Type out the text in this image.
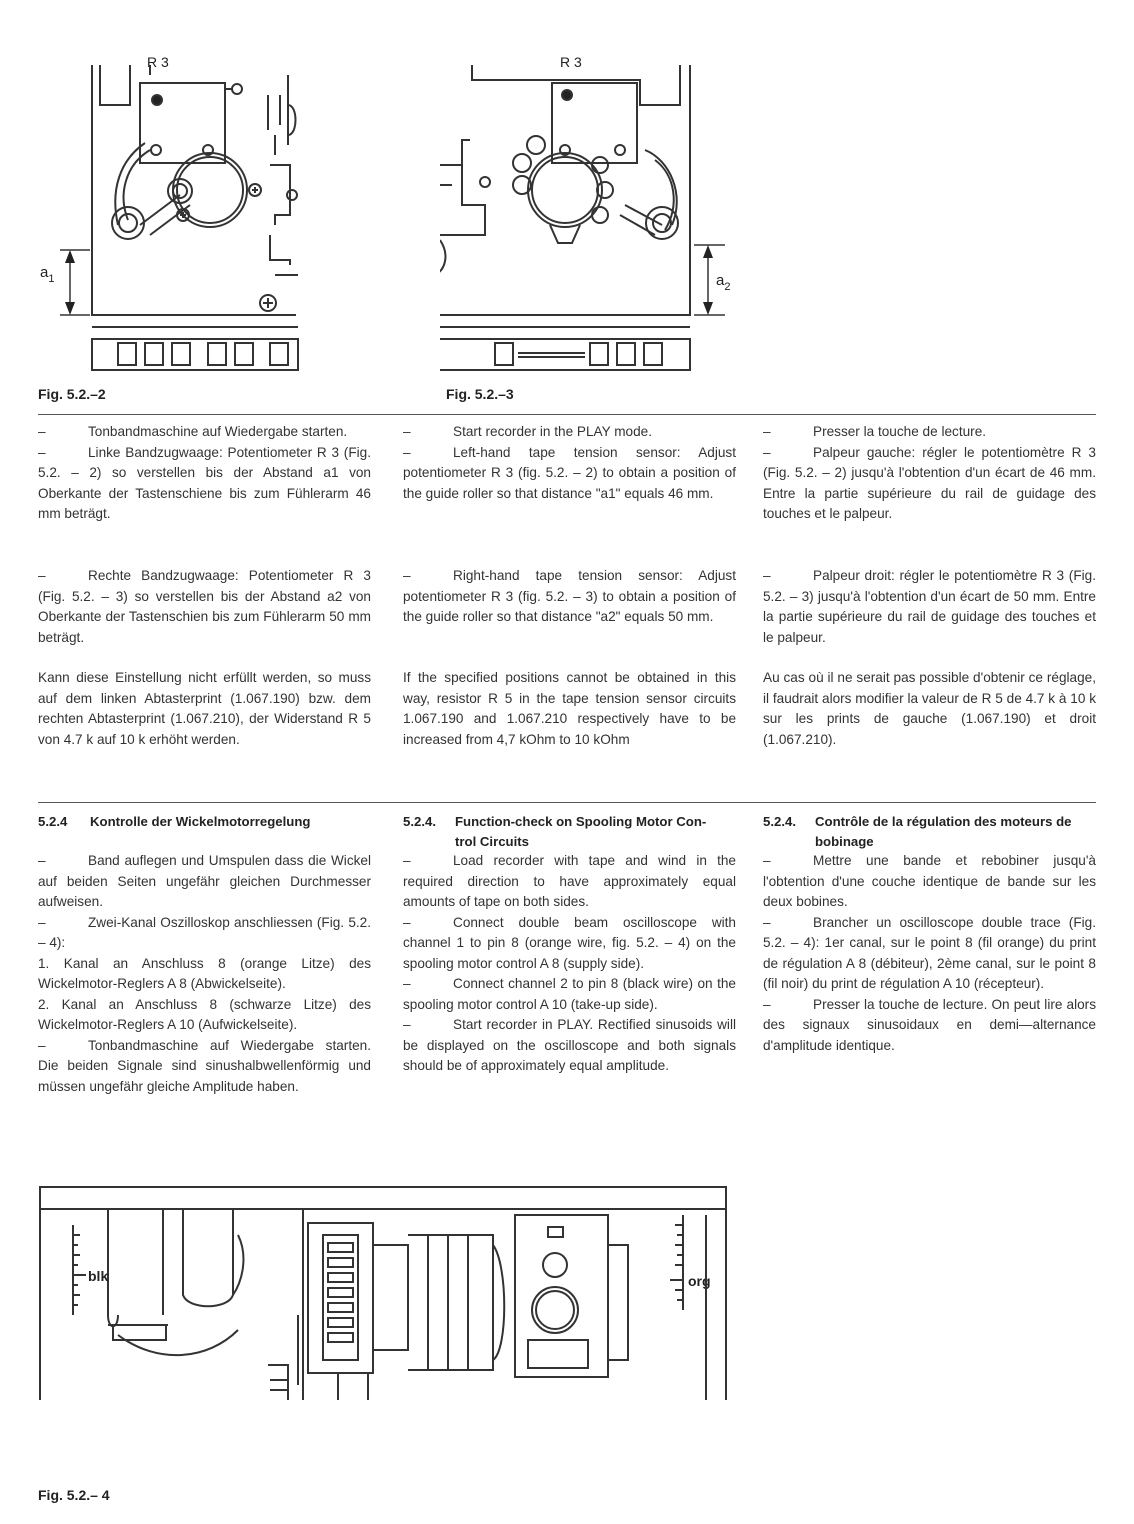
R 3
$a_1$
Fig. 5.2.–2
R 3
$a_2$
Fig. 5.2.–3

–	Tonbandmaschine auf Wiedergabe starten.

–	Linke Bandzugwaage: Potentiometer R 3 (Fig. 5.2. – 2) so verstellen bis der Abstand a1 von Oberkante der Tastenschiene bis zum Fühlerarm 46 mm beträgt.

–	Rechte Bandzugwaage: Potentiometer R 3 (Fig. 5.2. – 3) so verstellen bis der Abstand a2 von Oberkante der Tastenschien bis zum Fühlerarm 50 mm beträgt.

Kann diese Einstellung nicht erfüllt werden, so muss auf dem linken Abtasterprint (1.067.190) bzw. dem rechten Abtasterprint (1.067.210), der Widerstand R 5 von 4.7 k auf 10 k erhöht werden.

–	Start recorder in the PLAY mode.

–	Left-hand tape tension sensor: Adjust potentiometer R 3 (fig. 5.2. – 2) to obtain a position of the guide roller so that distance "a1" equals 46 mm.

–	Right-hand tape tension sensor: Adjust potentiometer R 3 (fig. 5.2. – 3) to obtain a position of the guide roller so that distance "a2" equals 50 mm.

If the specified positions cannot be obtained in this way, resistor R 5 in the tape tension sensor circuits 1.067.190 and 1.067.210 respectively have to be increased from 4,7 kOhm to 10 kOhm

–	Presser la touche de lecture.

–	Palpeur gauche: régler le potentiomètre R 3 (Fig. 5.2. – 2) jusqu'à l'obtention d'un écart de 46 mm. Entre la partie supérieure du rail de guidage des touches et le palpeur.

–	Palpeur droit: régler le potentiomètre R 3 (Fig. 5.2. – 3) jusqu'à l'obtention d'un écart de 50 mm. Entre la partie supérieure du rail de guidage des touches et le palpeur.

Au cas où il ne serait pas possible d'obtenir ce réglage, il faudrait alors modifier la valeur de R 5 de 4.7 k à 10 k sur les prints de gauche (1.067.190) et droit (1.067.210).

5.2.4 Kontrolle der Wickelmotorregelung	5.2.4. Function-check on Spooling Motor Con-
trol Circuits
5.2.4. Contrôle de la régulation des moteurs de
bobinage

–	Band auflegen und Umspulen dass die Wickel auf beiden Seiten ungefähr gleichen Durchmesser aufweisen.

–	Zwei-Kanal Oszilloskop anschliessen (Fig. 5.2. – 4):

1. Kanal an Anschluss 8 (orange Litze) des Wickelmotor-Reglers A 8 (Abwickelseite).

2. Kanal an Anschluss 8 (schwarze Litze) des Wickelmotor-Reglers A 10 (Aufwickelseite).

–	Tonbandmaschine auf Wiedergabe starten. Die beiden Signale sind sinushalbwellenförmig und müssen ungefähr gleiche Amplitude haben.

–	Load recorder with tape and wind in the required direction to have approximately equal amounts of tape on both sides.

–	Connect double beam oscilloscope with channel 1 to pin 8 (orange wire, fig. 5.2. – 4) on the spooling motor control A 8 (supply side).

–	Connect channel 2 to pin 8 (black wire) on the spooling motor control A 10 (take-up side).

–	Start recorder in PLAY. Rectified sinusoids will be displayed on the oscilloscope and both signals should be of approximately equal amplitude.

–	Mettre une bande et rebobiner jusqu'à l'obtention d'une couche identique de bande sur les deux bobines.

–	Brancher un oscilloscope double trace (Fig. 5.2. – 4): 1er canal, sur le point 8 (fil orange) du print de régulation A 8 (débiteur), 2ème canal, sur le point 8 (fil noir) du print de régulation A 10 (récepteur).

–	Presser la touche de lecture. On peut lire alors des signaux sinusoidaux en demi—alternance d'amplitude identique.

blk	org
Fig. 5.2.– 4
